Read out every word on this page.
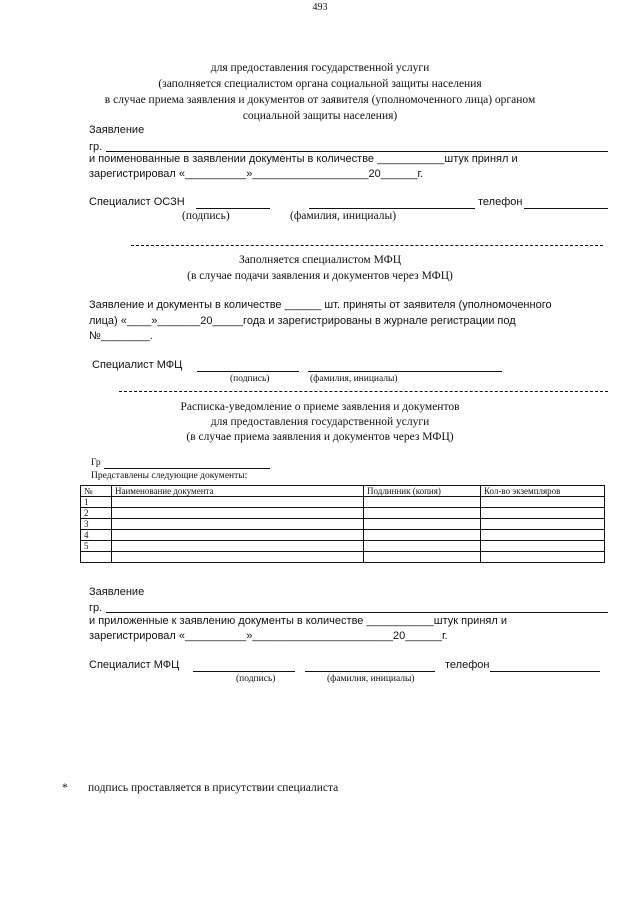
493
для предоставления государственной услуги
(заполняется специалистом органа социальной защиты населения
в случае приема заявления и документов от заявителя (уполномоченного лица) органом
социальной защиты населения)
Заявление
гр.
и поименованные в заявлении документы в количестве ___________штук принял и
зарегистрировал «__________»___________________20______г.
Специалист ОСЗН	телефон
(подпись)	(фамилия, инициалы)
Заполняется специалистом МФЦ
(в случае подачи заявления и документов через МФЦ)
Заявление и документы в количестве ______ шт. приняты от заявителя (уполномоченного
лица) «____»_______20_____года и зарегистрированы в журнале регистрации под
№________.
Специалист МФЦ
(подпись)	(фамилия, инициалы)
Расписка-уведомление о приеме заявления и документов
для предоставления государственной услуги
(в случае приема заявления и документов через МФЦ)
Гр
Представлены следующие документы:
№	Наименование документа	Подлинник (копия)	Кол-во экземпляров
1			
2			
3			
4			
5			

Заявление
гр.
и приложенные к заявлению документы в количестве ___________штук принял и
зарегистрировал «__________»_______________________20______г.
Специалист МФЦ	телефон
(подпись)	(фамилия, инициалы)
* подпись проставляется в присутствии специалиста
